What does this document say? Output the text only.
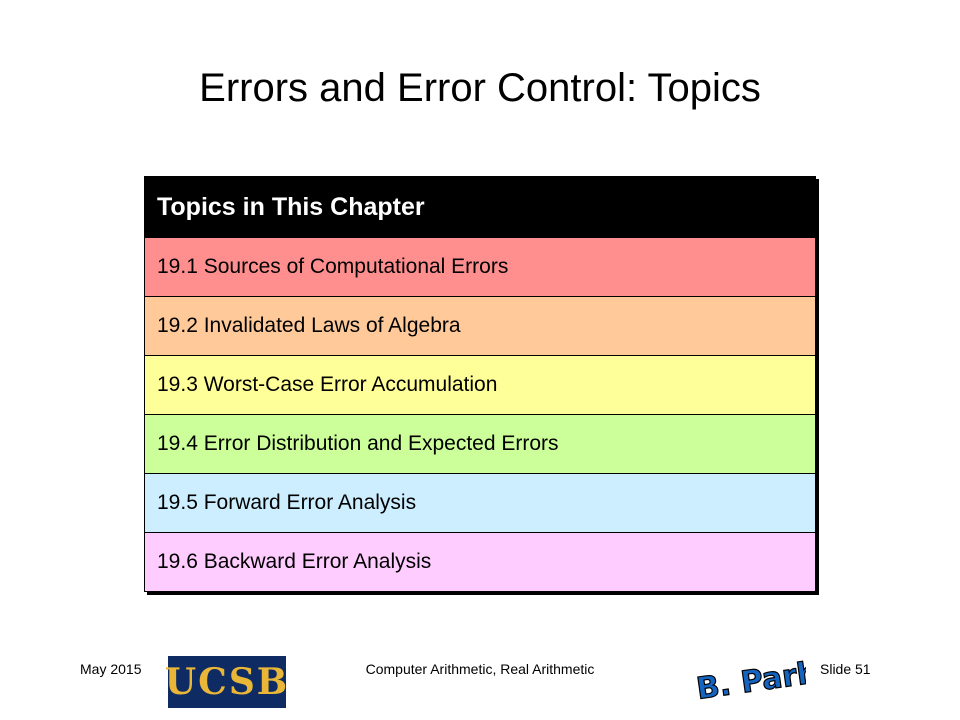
Errors and Error Control: Topics
Topics in This Chapter
19.1 Sources of Computational Errors
19.2 Invalidated Laws of Algebra
19.3 Worst-Case Error Accumulation
19.4 Error Distribution and Expected Errors
19.5 Forward Error Analysis
19.6 Backward Error Analysis
May 2015 UCSB	Computer Arithmetic, Real Arithmetic	B. Parhami
Slide 51
